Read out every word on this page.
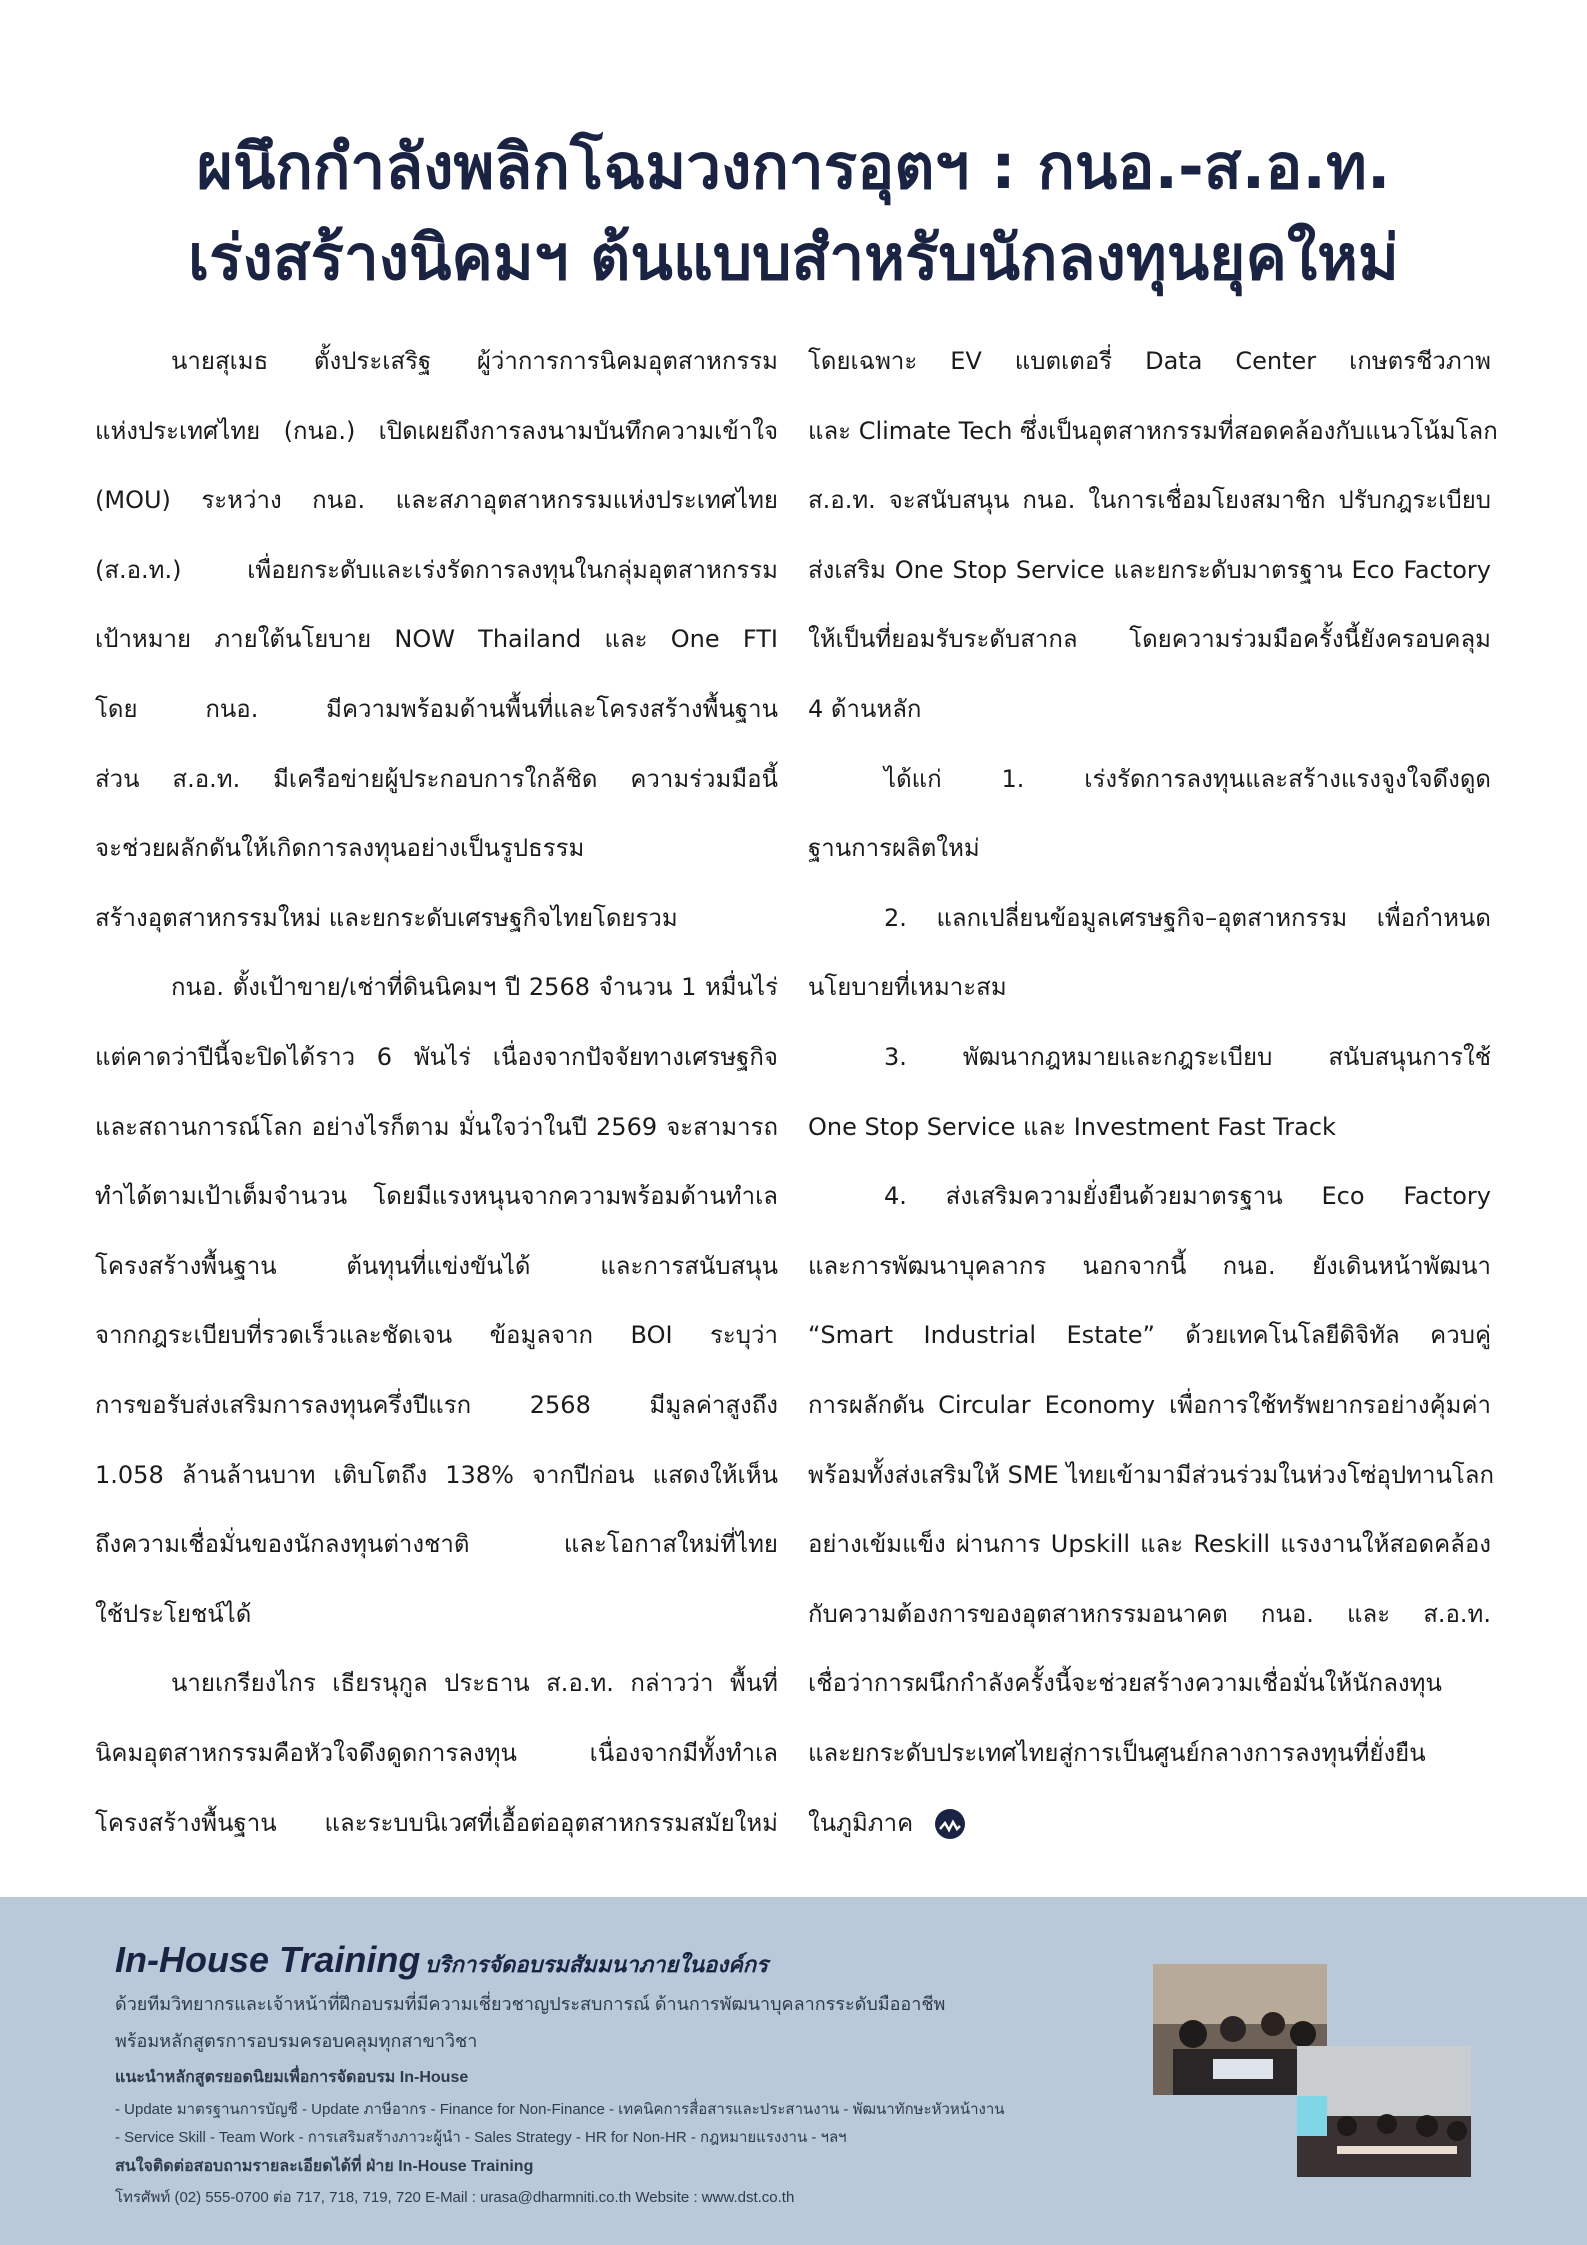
ผนึกกำลังพลิกโฉมวงการอุตฯ : กนอ.-ส.อ.ท.
เร่งสร้างนิคมฯ ต้นแบบสำหรับนักลงทุนยุคใหม่
นายสุเมธ ตั้งประเสริฐ ผู้ว่าการการนิคมอุตสาหกรรม
แห่งประเทศไทย (กนอ.) เปิดเผยถึงการลงนามบันทึกความเข้าใจ
(MOU) ระหว่าง กนอ. และสภาอุตสาหกรรมแห่งประเทศไทย
(ส.อ.ท.) เพื่อยกระดับและเร่งรัดการลงทุนในกลุ่มอุตสาหกรรม
เป้าหมาย ภายใต้นโยบาย NOW Thailand และ One FTI
โดย กนอ. มีความพร้อมด้านพื้นที่และโครงสร้างพื้นฐาน
ส่วน ส.อ.ท. มีเครือข่ายผู้ประกอบการใกล้ชิด ความร่วมมือนี้
จะช่วยผลักดันให้เกิดการลงทุนอย่างเป็นรูปธรรม
สร้างอุตสาหกรรมใหม่ และยกระดับเศรษฐกิจไทยโดยรวม
กนอ. ตั้งเป้าขาย/เช่าที่ดินนิคมฯ ปี 2568 จำนวน 1 หมื่นไร่
แต่คาดว่าปีนี้จะปิดได้ราว 6 พันไร่ เนื่องจากปัจจัยทางเศรษฐกิจ
และสถานการณ์โลก อย่างไรก็ตาม มั่นใจว่าในปี 2569 จะสามารถ
ทำได้ตามเป้าเต็มจำนวน โดยมีแรงหนุนจากความพร้อมด้านทำเล
โครงสร้างพื้นฐาน ต้นทุนที่แข่งขันได้ และการสนับสนุน
จากกฎระเบียบที่รวดเร็วและชัดเจน ข้อมูลจาก BOI ระบุว่า
การขอรับส่งเสริมการลงทุนครึ่งปีแรก 2568 มีมูลค่าสูงถึง
1.058 ล้านล้านบาท เติบโตถึง 138% จากปีก่อน แสดงให้เห็น
ถึงความเชื่อมั่นของนักลงทุนต่างชาติ และโอกาสใหม่ที่ไทย
ใช้ประโยชน์ได้
นายเกรียงไกร เธียรนุกูล ประธาน ส.อ.ท. กล่าวว่า พื้นที่
นิคมอุตสาหกรรมคือหัวใจดึงดูดการลงทุน เนื่องจากมีทั้งทำเล
โครงสร้างพื้นฐาน และระบบนิเวศที่เอื้อต่ออุตสาหกรรมสมัยใหม่
โดยเฉพาะ EV แบตเตอรี่ Data Center เกษตรชีวภาพ
และ Climate Tech ซึ่งเป็นอุตสาหกรรมที่สอดคล้องกับแนวโน้มโลก
ส.อ.ท. จะสนับสนุน กนอ. ในการเชื่อมโยงสมาชิก ปรับกฎระเบียบ
ส่งเสริม One Stop Service และยกระดับมาตรฐาน Eco Factory
ให้เป็นที่ยอมรับระดับสากล โดยความร่วมมือครั้งนี้ยังครอบคลุม
4 ด้านหลัก
ได้แก่ 1. เร่งรัดการลงทุนและสร้างแรงจูงใจดึงดูด
ฐานการผลิตใหม่
2. แลกเปลี่ยนข้อมูลเศรษฐกิจ–อุตสาหกรรม เพื่อกำหนด
นโยบายที่เหมาะสม
3. พัฒนากฎหมายและกฎระเบียบ สนับสนุนการใช้
One Stop Service และ Investment Fast Track
4. ส่งเสริมความยั่งยืนด้วยมาตรฐาน Eco Factory
และการพัฒนาบุคลากร นอกจากนี้ กนอ. ยังเดินหน้าพัฒนา
“Smart Industrial Estate” ด้วยเทคโนโลยีดิจิทัล ควบคู่
การผลักดัน Circular Economy เพื่อการใช้ทรัพยากรอย่างคุ้มค่า
พร้อมทั้งส่งเสริมให้ SME ไทยเข้ามามีส่วนร่วมในห่วงโซ่อุปทานโลก
อย่างเข้มแข็ง ผ่านการ Upskill และ Reskill แรงงานให้สอดคล้อง
กับความต้องการของอุตสาหกรรมอนาคต กนอ. และ ส.อ.ท.
เชื่อว่าการผนึกกำลังครั้งนี้จะช่วยสร้างความเชื่อมั่นให้นักลงทุน
และยกระดับประเทศไทยสู่การเป็นศูนย์กลางการลงทุนที่ยั่งยืน
ในภูมิภาค
In-House Training บริการจัดอบรมสัมมนาภายในองค์กร
ด้วยทีมวิทยากรและเจ้าหน้าที่ฝึกอบรมที่มีความเชี่ยวชาญประสบการณ์ ด้านการพัฒนาบุคลากรระดับมืออาชีพ
พร้อมหลักสูตรการอบรมครอบคลุมทุกสาขาวิชา
แนะนำหลักสูตรยอดนิยมเพื่อการจัดอบรม In-House
- Update มาตรฐานการบัญชี - Update ภาษีอากร - Finance for Non-Finance - เทคนิคการสื่อสารและประสานงาน - พัฒนาทักษะหัวหน้างาน
- Service Skill - Team Work - การเสริมสร้างภาวะผู้นำ - Sales Strategy - HR for Non-HR - กฎหมายแรงงาน - ฯลฯ
สนใจติดต่อสอบถามรายละเอียดได้ที่ ฝ่าย In-House Training
โทรศัพท์ (02) 555-0700 ต่อ 717, 718, 719, 720 E-Mail : urasa@dharmniti.co.th Website : www.dst.co.th
